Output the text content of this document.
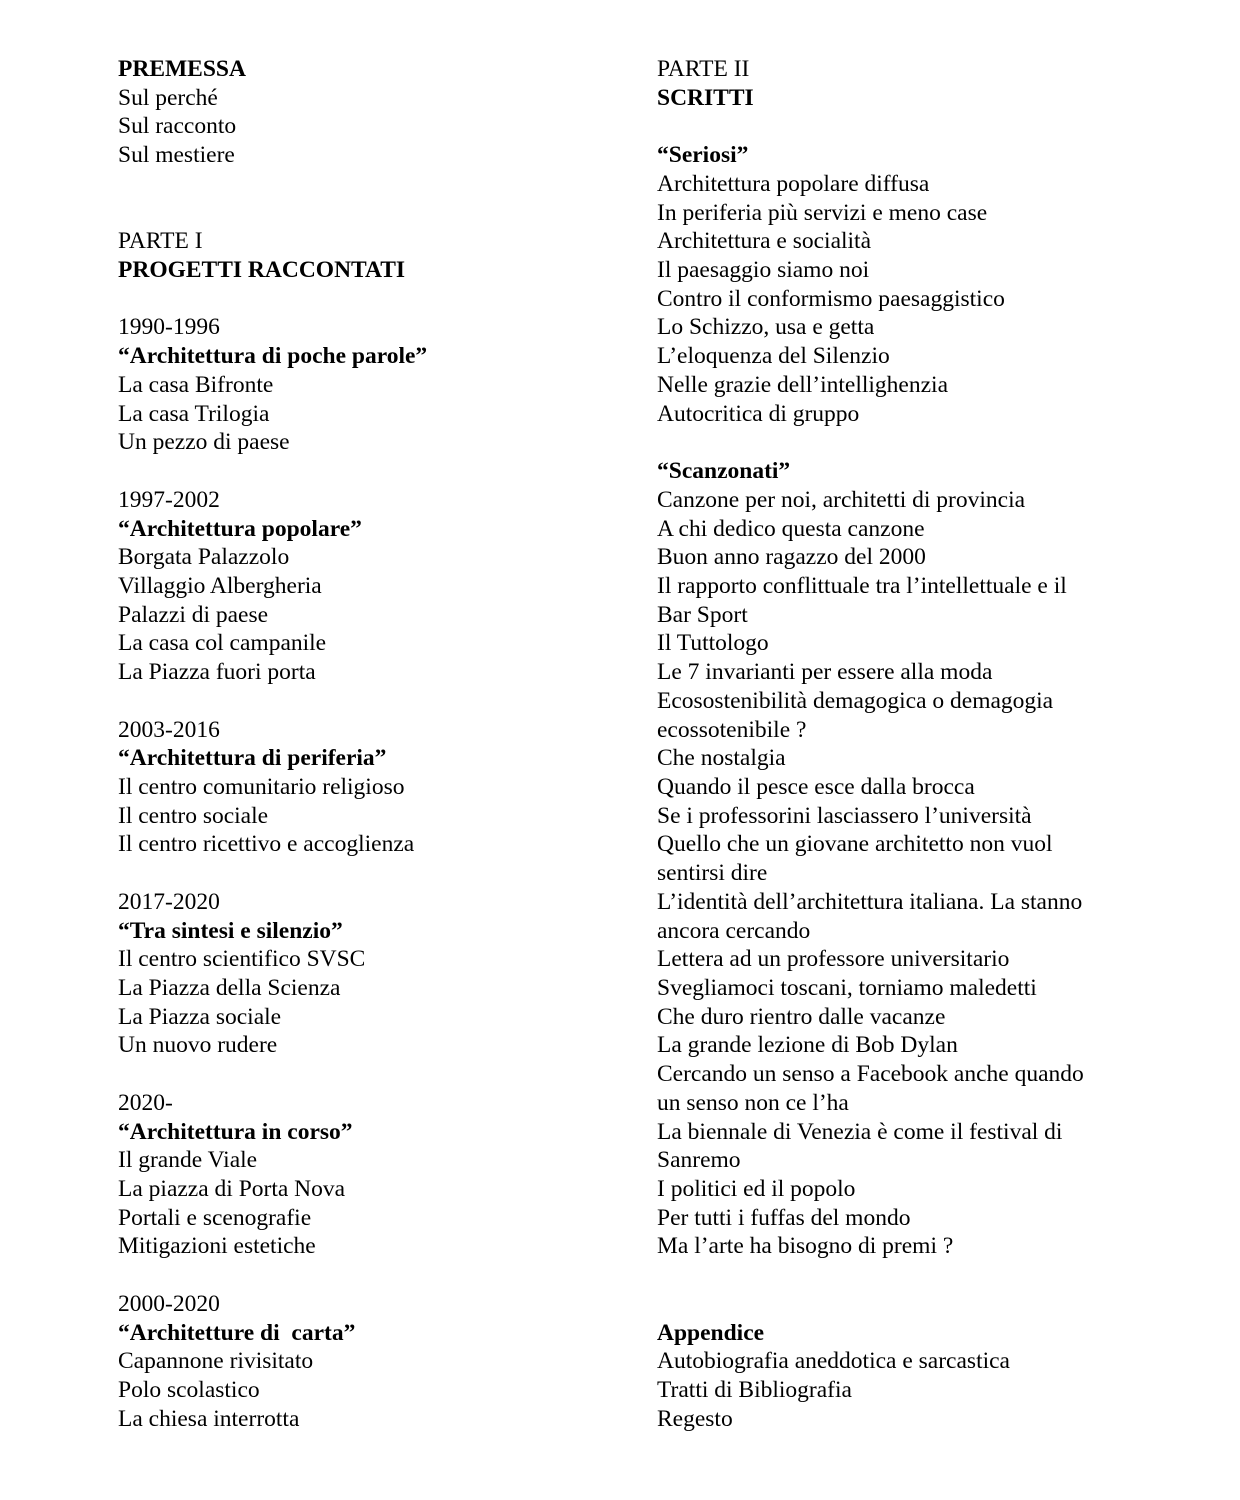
PREMESSA
Sul perché
Sul racconto
Sul mestiere
PARTE I
PROGETTI RACCONTATI
1990-1996
“Architettura di poche parole”
La casa Bifronte
La casa Trilogia
Un pezzo di paese
1997-2002
“Architettura popolare”
Borgata Palazzolo
Villaggio Albergheria
Palazzi di paese
La casa col campanile
La Piazza fuori porta
2003-2016
“Architettura di periferia”
Il centro comunitario religioso
Il centro sociale
Il centro ricettivo e accoglienza
2017-2020
“Tra sintesi e silenzio”
Il centro scientifico SVSC
La Piazza della Scienza
La Piazza sociale
Un nuovo rudere
2020-
“Architettura in corso”
Il grande Viale
La piazza di Porta Nova
Portali e scenografie
Mitigazioni estetiche
2000-2020
“Architetture di  carta”
Capannone rivisitato
Polo scolastico
La chiesa interrotta
PARTE II
SCRITTI
“Seriosi”
Architettura popolare diffusa
In periferia più servizi e meno case
Architettura e socialità
Il paesaggio siamo noi
Contro il conformismo paesaggistico
Lo Schizzo, usa e getta
L’eloquenza del Silenzio
Nelle grazie dell’intellighenzia
Autocritica di gruppo
“Scanzonati”
Canzone per noi, architetti di provincia
A chi dedico questa canzone
Buon anno ragazzo del 2000
Il rapporto conflittuale tra l’intellettuale e il
Bar Sport
Il Tuttologo
Le 7 invarianti per essere alla moda
Ecosostenibilità demagogica o demagogia
ecossotenibile ?
Che nostalgia
Quando il pesce esce dalla brocca
Se i professorini lasciassero l’università
Quello che un giovane architetto non vuol
sentirsi dire
L’identità dell’architettura italiana. La stanno
ancora cercando
Lettera ad un professore universitario
Svegliamoci toscani, torniamo maledetti
Che duro rientro dalle vacanze
La grande lezione di Bob Dylan
Cercando un senso a Facebook anche quando
un senso non ce l’ha
La biennale di Venezia è come il festival di
Sanremo
I politici ed il popolo
Per tutti i fuffas del mondo
Ma l’arte ha bisogno di premi ?
Appendice
Autobiografia aneddotica e sarcastica
Tratti di Bibliografia
Regesto
